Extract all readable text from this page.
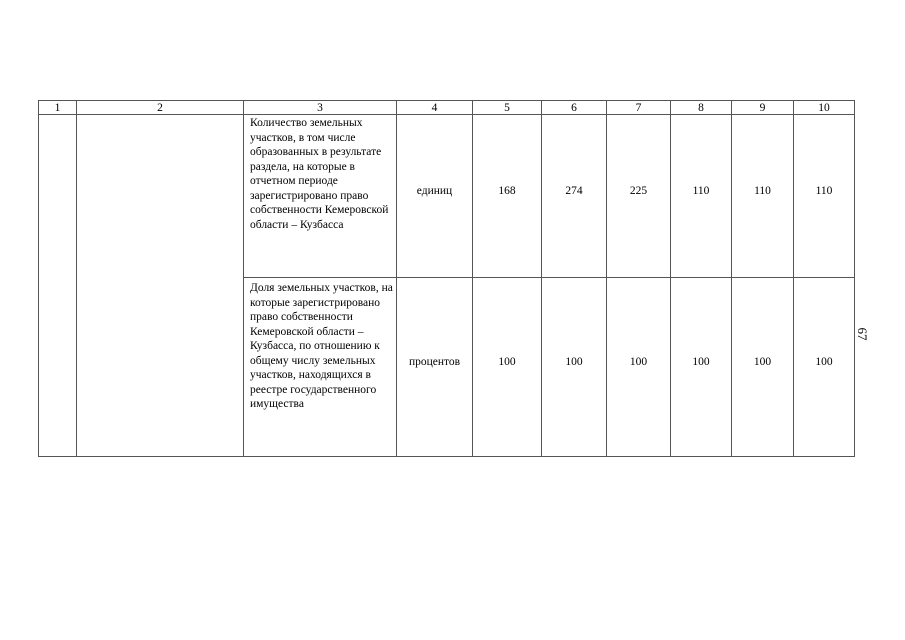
1	2	3	4	5	6	7	8	9	10
		Количество земельных участков, в том числе образованных в результате раздела, на которые в отчетном периоде зарегистрировано право собственности Кемеровской области – Кузбасса	единиц	168	274	225	110	110	110
		Доля земельных участков, на которые зарегистрировано право собственности Кемеровской области – Кузбасса, по отношению к общему числу земельных участков, находящихся в реестре государственного имущества	процентов	100	100	100	100	100	100
67
